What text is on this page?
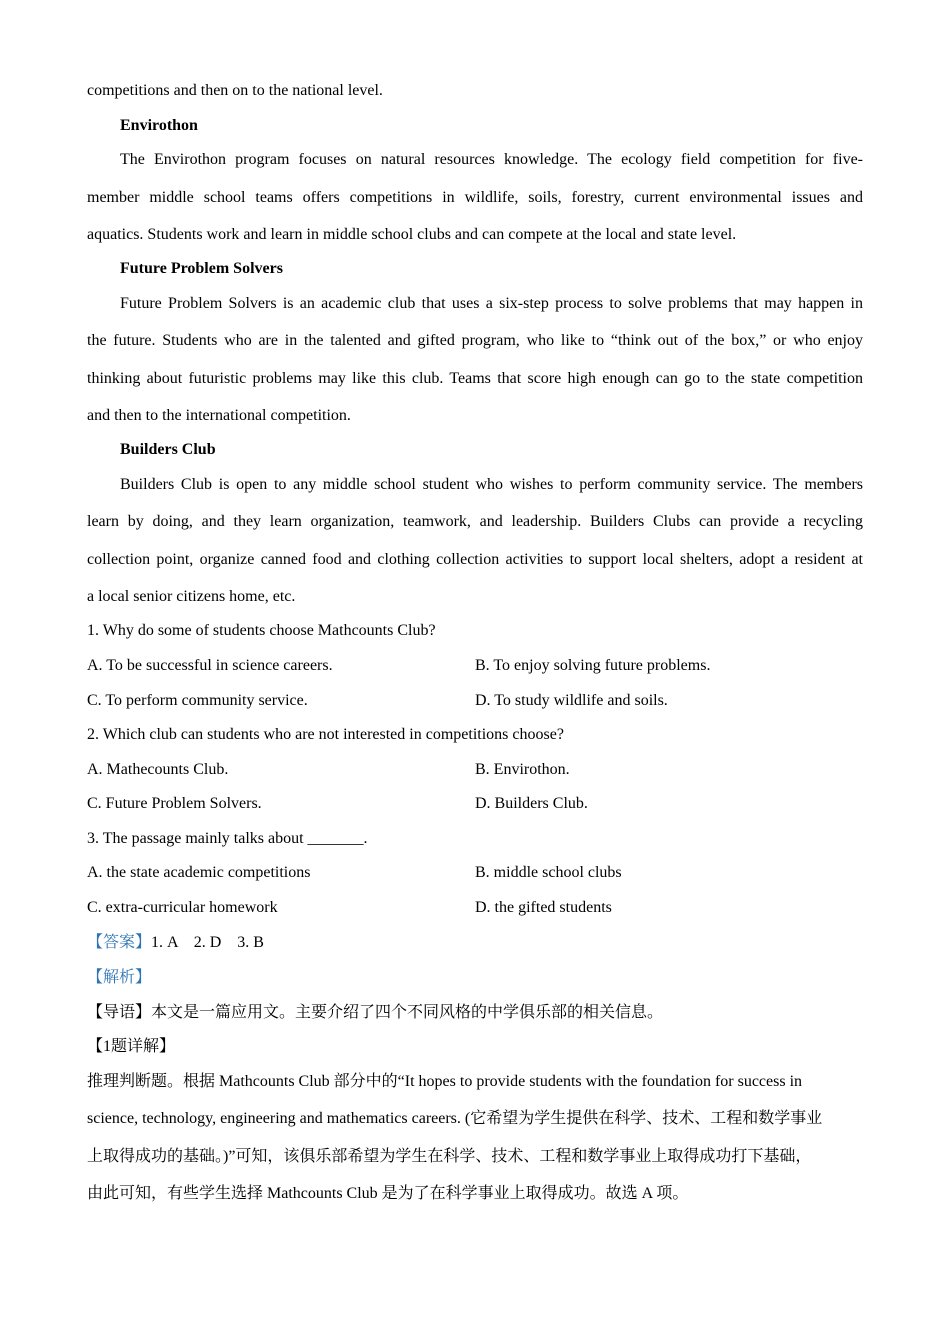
competitions and then on to the national level.
Envirothon
The Envirothon program focuses on natural resources knowledge. The ecology field competition for five-
member middle school teams offers competitions in wildlife, soils, forestry, current environmental issues and
aquatics. Students work and learn in middle school clubs and can compete at the local and state level.
Future Problem Solvers
Future Problem Solvers is an academic club that uses a six-step process to solve problems that may happen in
the future. Students who are in the talented and gifted program, who like to “think out of the box,” or who enjoy
thinking about futuristic problems may like this club. Teams that score high enough can go to the state competition
and then to the international competition.
Builders Club
Builders Club is open to any middle school student who wishes to perform community service. The members
learn by doing, and they learn organization, teamwork, and leadership. Builders Clubs can provide a recycling
collection point, organize canned food and clothing collection activities to support local shelters, adopt a resident at
a local senior citizens home, etc.
1. Why do some of students choose Mathcounts Club?
A. To be successful in science careers.	B. To enjoy solving future problems.
C. To perform community service.	D. To study wildlife and soils.
2. Which club can students who are not interested in competitions choose?
A. Mathecounts Club.	B. Envirothon.
C. Future Problem Solvers.	D. Builders Club.
3. The passage mainly talks about _______.
A. the state academic competitions	B. middle school clubs
C. extra-curricular homework	D. the gifted students
【答案】1. A    2. D    3. B
【解析】
【导语】本文是一篇应用文。主要介绍了四个不同风格的中学俱乐部的相关信息。
【1题详解】
推理判断题。根据 Mathcounts Club 部分中的“It hopes to provide students with the foundation for success in
science, technology, engineering and mathematics careers. (它希望为学生提供在科学、技术、工程和数学事业
上取得成功的基础。)”可知，该俱乐部希望为学生在科学、技术、工程和数学事业上取得成功打下基础，
由此可知，有些学生选择 Mathcounts Club 是为了在科学事业上取得成功。故选 A 项。
